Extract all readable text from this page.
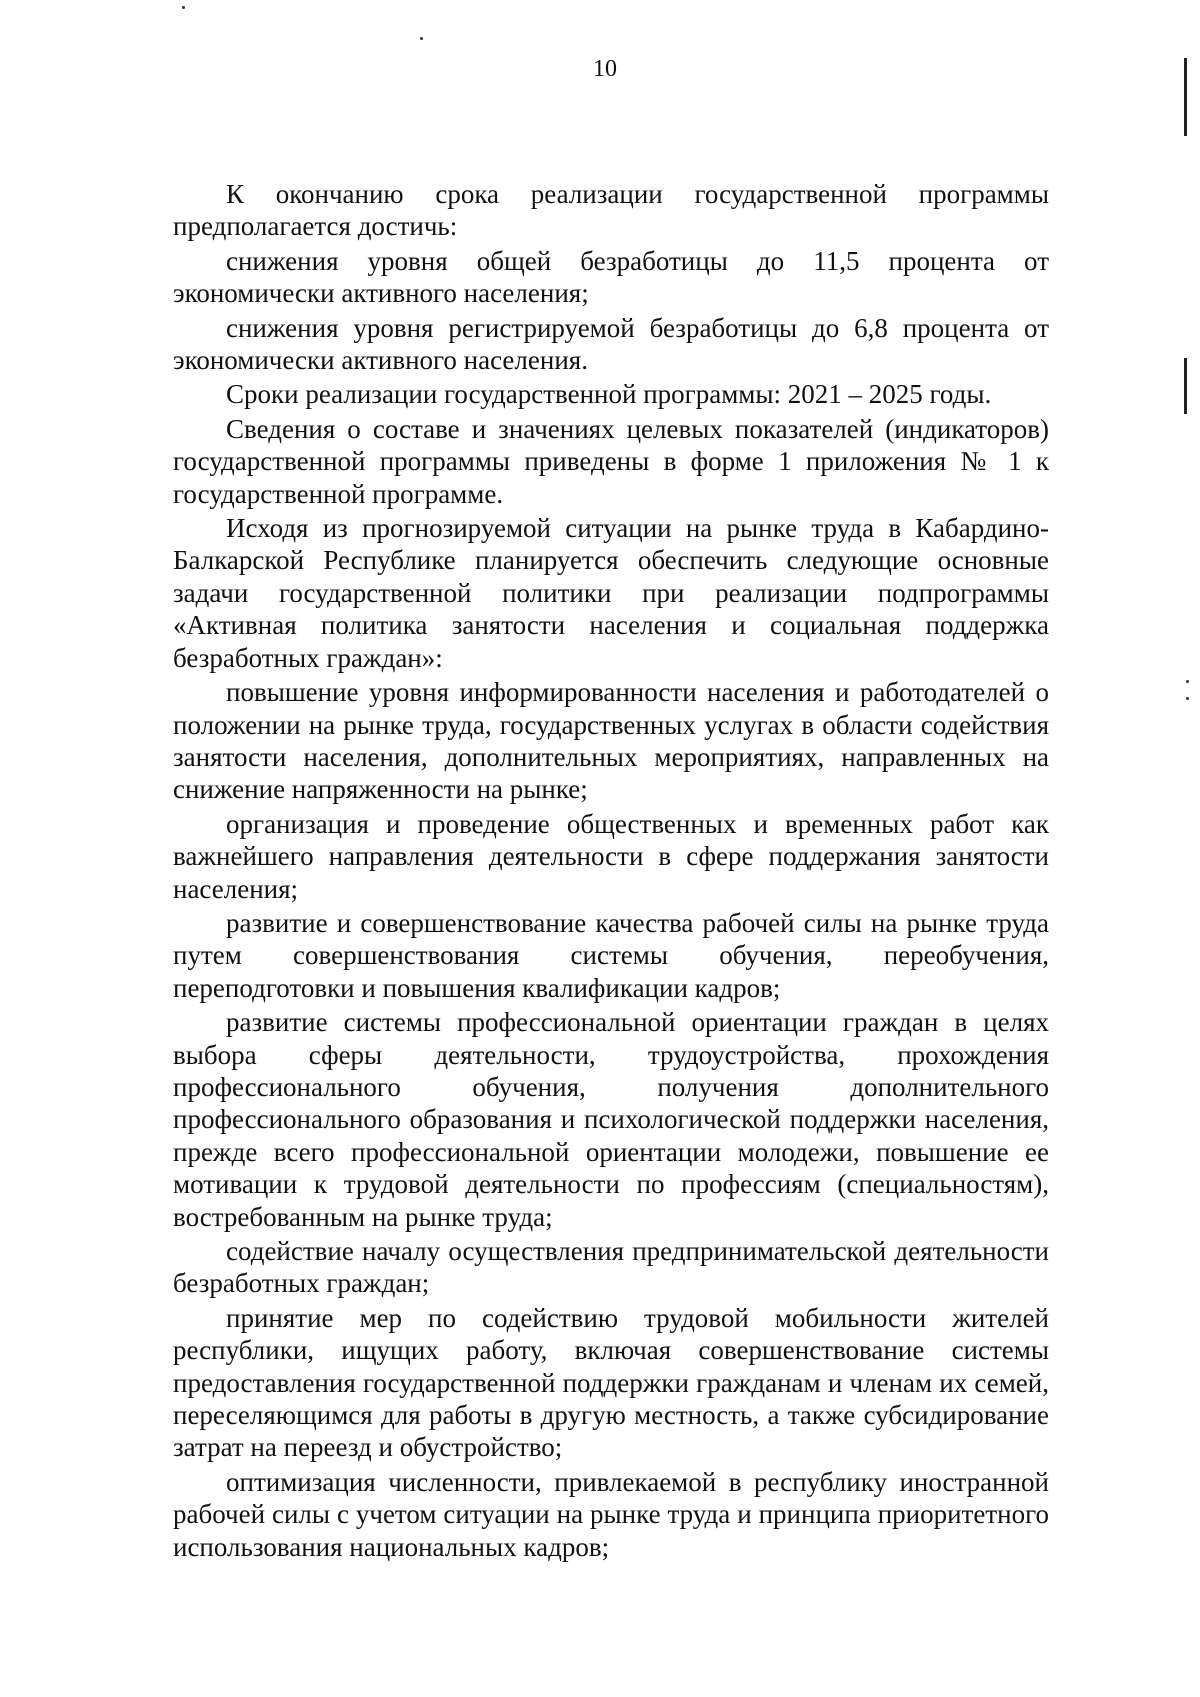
10

К окончанию срока реализации государственной программы предполагается достичь:

снижения уровня общей безработицы до 11,5 процента от экономически активного населения;

снижения уровня регистрируемой безработицы до 6,8 процента от экономически активного населения.

Сроки реализации государственной программы: 2021 – 2025 годы.

Сведения о составе и значениях целевых показателей (индикаторов) государственной программы приведены в форме 1 приложения № 1 к государственной программе.

Исходя из прогнозируемой ситуации на рынке труда в Кабардино-Балкарской Республике планируется обеспечить следующие основные задачи государственной политики при реализации подпрограммы «Активная политика занятости населения и социальная поддержка безработных граждан»:

повышение уровня информированности населения и работодателей о положении на рынке труда, государственных услугах в области содействия занятости населения, дополнительных мероприятиях, направленных на снижение напряженности на рынке;

организация и проведение общественных и временных работ как важнейшего направления деятельности в сфере поддержания занятости населения;

развитие и совершенствование качества рабочей силы на рынке труда путем совершенствования системы обучения, переобучения, переподготовки и повышения квалификации кадров;

развитие системы профессиональной ориентации граждан в целях выбора сферы деятельности, трудоустройства, прохождения профессионального обучения, получения дополнительного профессионального образования и психологической поддержки населения, прежде всего профессиональной ориентации молодежи, повышение ее мотивации к трудовой деятельности по профессиям (специальностям), востребованным на рынке труда;

содействие началу осуществления предпринимательской деятельности безработных граждан;

принятие мер по содействию трудовой мобильности жителей республики, ищущих работу, включая совершенствование системы предоставления государственной поддержки гражданам и членам их семей, переселяющимся для работы в другую местность, а также субсидирование затрат на переезд и обустройство;

оптимизация численности, привлекаемой в республику иностранной рабочей силы с учетом ситуации на рынке труда и принципа приоритетного использования национальных кадров;
